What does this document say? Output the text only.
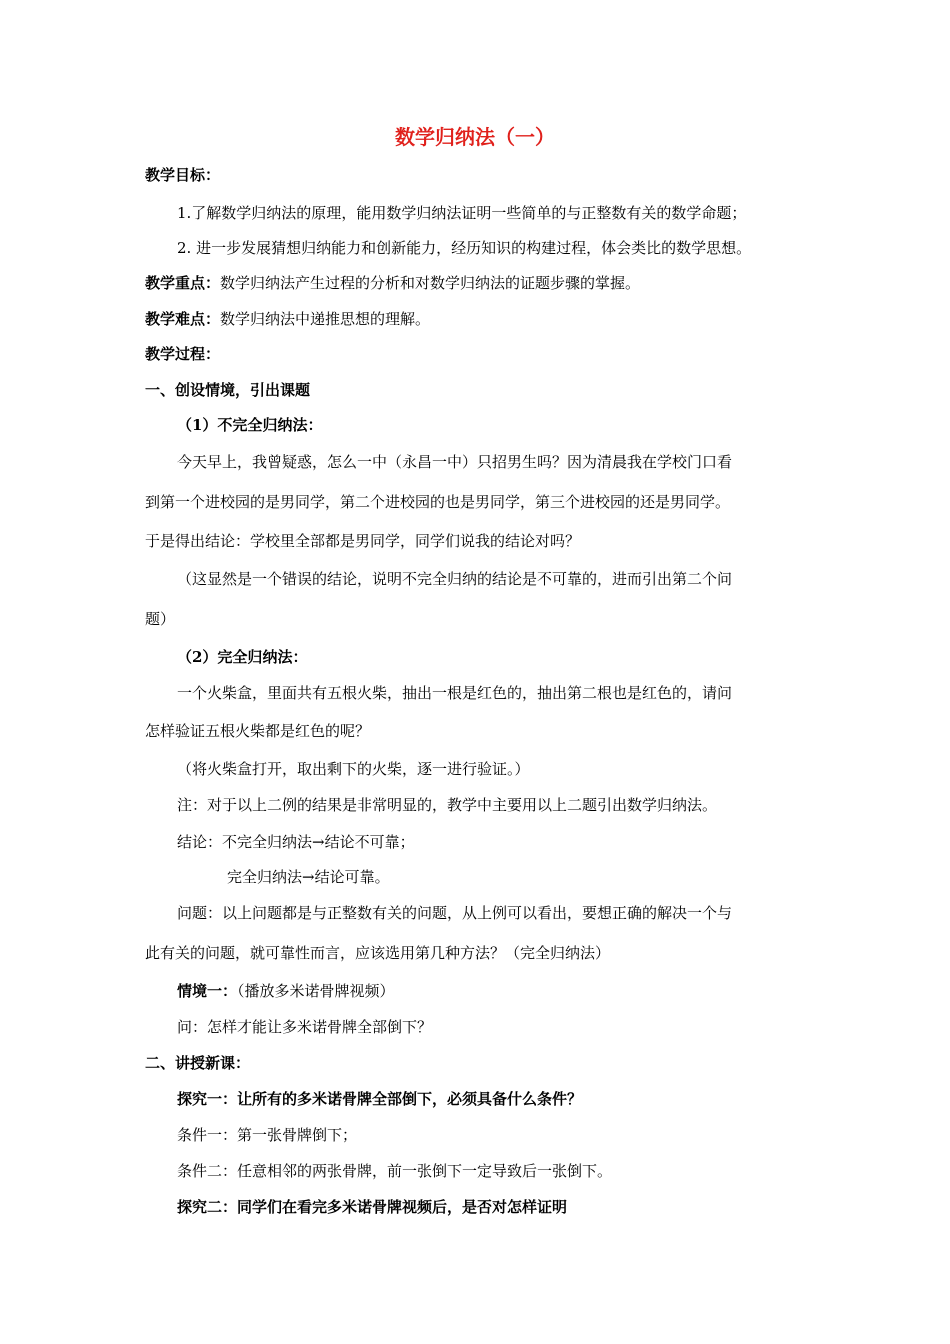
数学归纳法（一）
教学目标：
1.了解数学归纳法的原理，能用数学归纳法证明一些简单的与正整数有关的数学命题；
2. 进一步发展猜想归纳能力和创新能力，经历知识的构建过程，体会类比的数学思想。
教学重点：数学归纳法产生过程的分析和对数学归纳法的证题步骤的掌握。
教学难点：数学归纳法中递推思想的理解。
教学过程：
一、创设情境，引出课题
（1）不完全归纳法：
今天早上，我曾疑惑，怎么一中（永昌一中）只招男生吗？因为清晨我在学校门口看
到第一个进校园的是男同学，第二个进校园的也是男同学，第三个进校园的还是男同学。
于是得出结论：学校里全部都是男同学，同学们说我的结论对吗？
（这显然是一个错误的结论，说明不完全归纳的结论是不可靠的，进而引出第二个问
题）
（2）完全归纳法：
一个火柴盒，里面共有五根火柴，抽出一根是红色的，抽出第二根也是红色的，请问
怎样验证五根火柴都是红色的呢？
（将火柴盒打开，取出剩下的火柴，逐一进行验证。）
注：对于以上二例的结果是非常明显的，教学中主要用以上二题引出数学归纳法。
结论：不完全归纳法→结论不可靠；
完全归纳法→结论可靠。
问题：以上问题都是与正整数有关的问题，从上例可以看出，要想正确的解决一个与
此有关的问题，就可靠性而言，应该选用第几种方法？（完全归纳法）
情境一：（播放多米诺骨牌视频）
问：怎样才能让多米诺骨牌全部倒下？
二、讲授新课：
探究一：让所有的多米诺骨牌全部倒下，必须具备什么条件？
条件一：第一张骨牌倒下；
条件二：任意相邻的两张骨牌，前一张倒下一定导致后一张倒下。
探究二：同学们在看完多米诺骨牌视频后，是否对怎样证明
